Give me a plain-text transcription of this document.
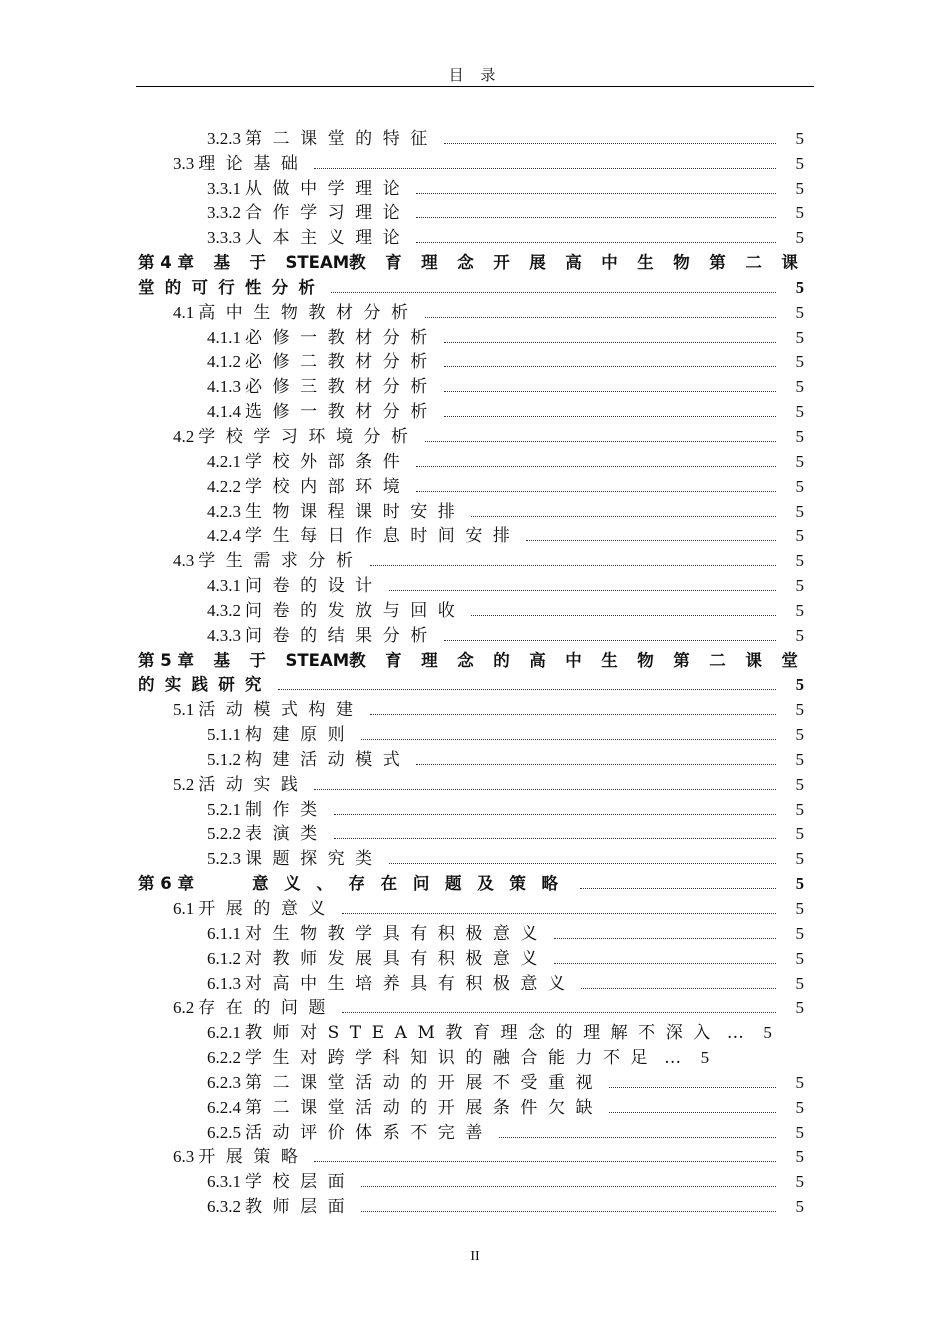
目 录
3.2.3 第二课堂的特征	5
3.3 理论基础	5
3.3.1 从做中学理论	5
3.3.2 合作学习理论	5
3.3.3 人本主义理论	5
第 4 章 基 于 STEAM教 育 理 念 开 展 高 中 生 物 第 二 课
堂的可行性分析	5
4.1 高中生物教材分析	5
4.1.1 必修一教材分析	5
4.1.2 必修二教材分析	5
4.1.3 必修三教材分析	5
4.1.4 选修一教材分析	5
4.2 学校学习环境分析	5
4.2.1 学校外部条件	5
4.2.2 学校内部环境	5
4.2.3 生物课程课时安排	5
4.2.4 学生每日作息时间安排	5
4.3 学生需求分析	5
4.3.1 问卷的设计	5
4.3.2 问卷的发放与回收	5
4.3.3 问卷的结果分析	5
第 5 章 基 于 STEAM教 育 理 念 的 高 中 生 物 第 二 课 堂
的实践研究	5
5.1 活动模式构建	5
5.1.1 构建原则	5
5.1.2 构建活动模式	5
5.2 活动实践	5
5.2.1 制作类	5
5.2.2 表演类	5
5.2.3 课题探究类	5
第 6 章	意义、存在问题及策略	5
6.1 开展的意义	5
6.1.1 对生物教学具有积极意义	5
6.1.2 对教师发展具有积极意义	5
6.1.3 对高中生培养具有积极意义	5
6.2 存在的问题	5
6.2.1 教师对STEAM教育理念的理解不深入 …	5
6.2.2 学生对跨学科知识的融合能力不足 …	5
6.2.3 第二课堂活动的开展不受重视	5
6.2.4 第二课堂活动的开展条件欠缺	5
6.2.5 活动评价体系不完善	5
6.3 开展策略	5
6.3.1 学校层面	5
6.3.2 教师层面	5
II
